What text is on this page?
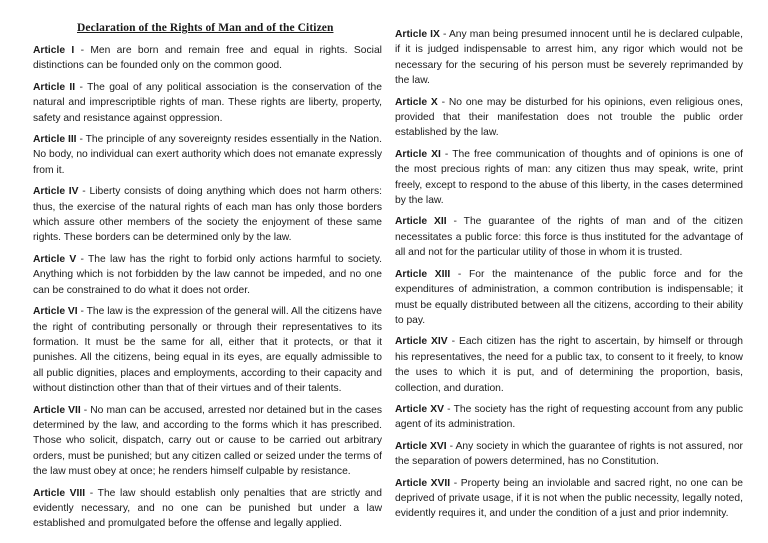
Declaration of the Rights of Man and of the Citizen
Article I - Men are born and remain free and equal in rights. Social distinctions can be founded only on the common good.
Article II - The goal of any political association is the conservation of the natural and imprescriptible rights of man. These rights are liberty, property, safety and resistance against oppression.
Article III - The principle of any sovereignty resides essentially in the Nation. No body, no individual can exert authority which does not emanate expressly from it.
Article IV - Liberty consists of doing anything which does not harm others: thus, the exercise of the natural rights of each man has only those borders which assure other members of the society the enjoyment of these same rights. These borders can be determined only by the law.
Article V - The law has the right to forbid only actions harmful to society. Anything which is not forbidden by the law cannot be impeded, and no one can be constrained to do what it does not order.
Article VI - The law is the expression of the general will. All the citizens have the right of contributing personally or through their representatives to its formation. It must be the same for all, either that it protects, or that it punishes. All the citizens, being equal in its eyes, are equally admissible to all public dignities, places and employments, according to their capacity and without distinction other than that of their virtues and of their talents.
Article VII - No man can be accused, arrested nor detained but in the cases determined by the law, and according to the forms which it has prescribed. Those who solicit, dispatch, carry out or cause to be carried out arbitrary orders, must be punished; but any citizen called or seized under the terms of the law must obey at once; he renders himself culpable by resistance.
Article VIII - The law should establish only penalties that are strictly and evidently necessary, and no one can be punished but under a law established and promulgated before the offense and legally applied.
Article IX - Any man being presumed innocent until he is declared culpable, if it is judged indispensable to arrest him, any rigor which would not be necessary for the securing of his person must be severely reprimanded by the law.
Article X - No one may be disturbed for his opinions, even religious ones, provided that their manifestation does not trouble the public order established by the law.
Article XI - The free communication of thoughts and of opinions is one of the most precious rights of man: any citizen thus may speak, write, print freely, except to respond to the abuse of this liberty, in the cases determined by the law.
Article XII - The guarantee of the rights of man and of the citizen necessitates a public force: this force is thus instituted for the advantage of all and not for the particular utility of those in whom it is trusted.
Article XIII - For the maintenance of the public force and for the expenditures of administration, a common contribution is indispensable; it must be equally distributed between all the citizens, according to their ability to pay.
Article XIV - Each citizen has the right to ascertain, by himself or through his representatives, the need for a public tax, to consent to it freely, to know the uses to which it is put, and of determining the proportion, basis, collection, and duration.
Article XV - The society has the right of requesting account from any public agent of its administration.
Article XVI - Any society in which the guarantee of rights is not assured, nor the separation of powers determined, has no Constitution.
Article XVII - Property being an inviolable and sacred right, no one can be deprived of private usage, if it is not when the public necessity, legally noted, evidently requires it, and under the condition of a just and prior indemnity.
